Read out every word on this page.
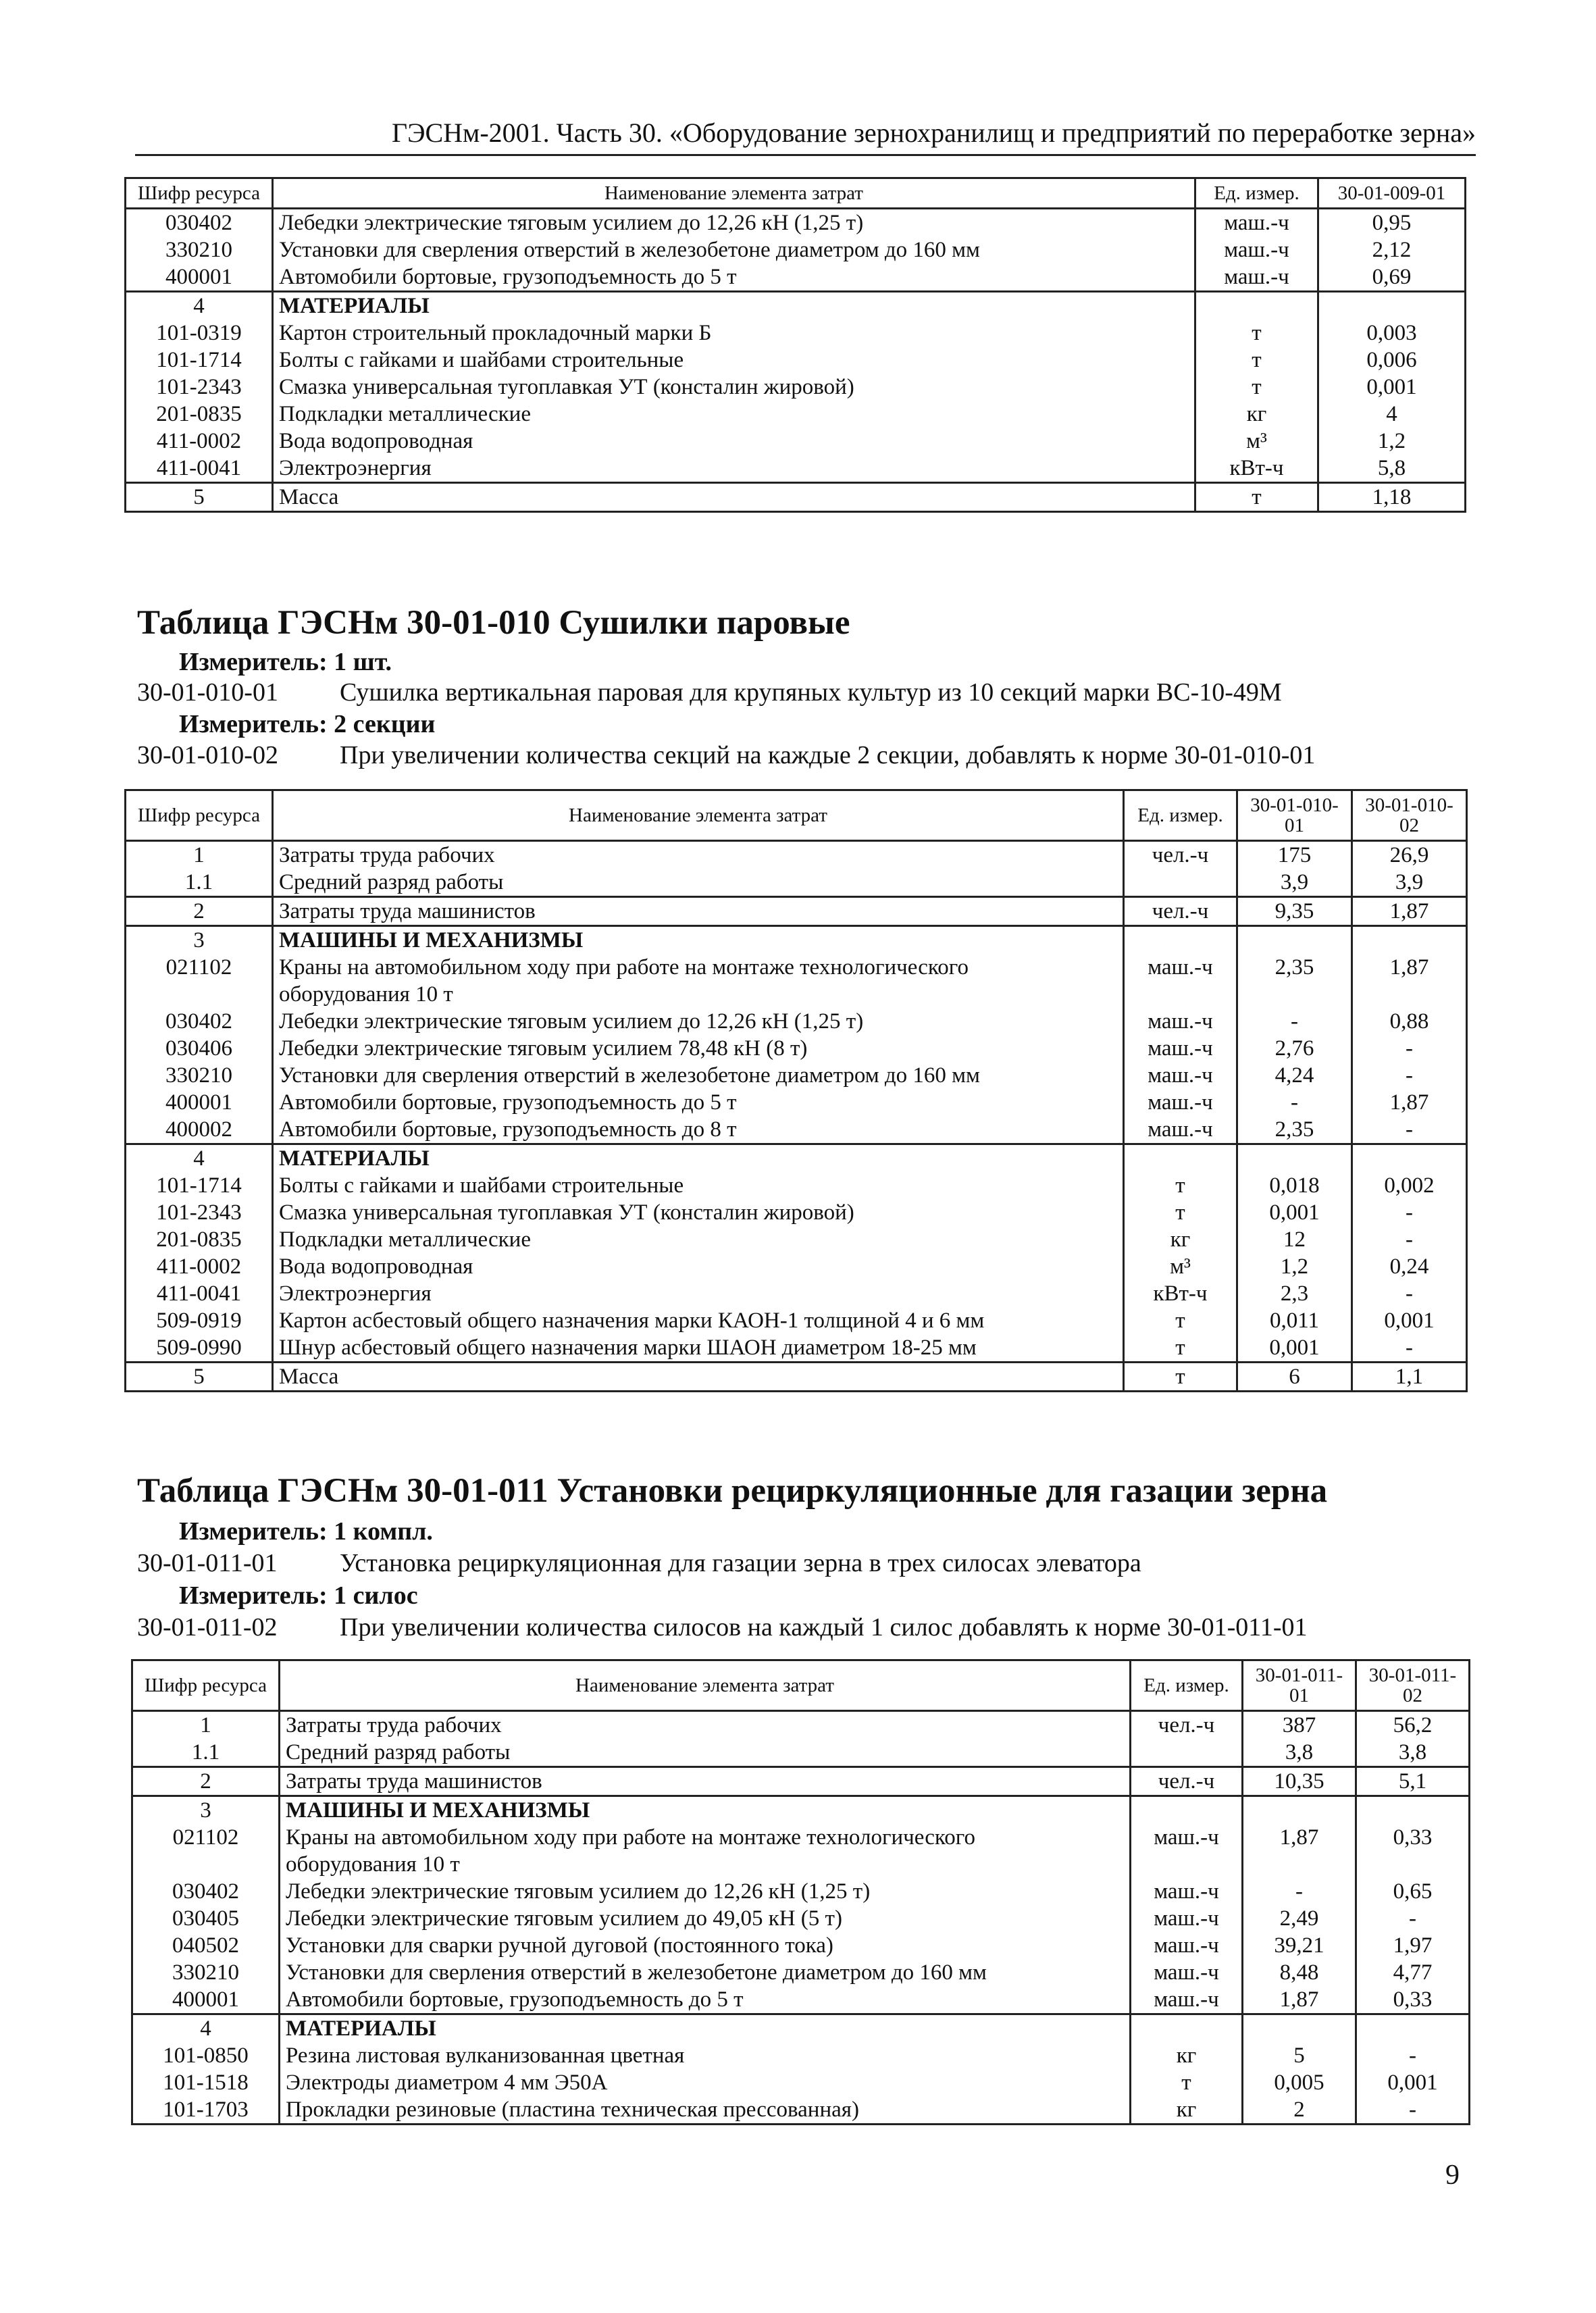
ГЭСНм-2001. Часть 30. «Оборудование зернохранилищ и предприятий по переработке зерна»
Шифр ресурса	Наименование элемента затрат	Ед. измер.	30-01-009-01
030402	Лебедки электрические тяговым усилием до 12,26 кН (1,25 т)	маш.-ч	0,95
330210	Установки для сверления отверстий в железобетоне диаметром до 160 мм	маш.-ч	2,12
400001	Автомобили бортовые, грузоподъемность до 5 т	маш.-ч	0,69
4	МАТЕРИАЛЫ		
101-0319	Картон строительный прокладочный марки Б	т	0,003
101-1714	Болты с гайками и шайбами строительные	т	0,006
101-2343	Смазка универсальная тугоплавкая УТ (консталин жировой)	т	0,001
201-0835	Подкладки металлические	кг	4
411-0002	Вода водопроводная	м³	1,2
411-0041	Электроэнергия	кВт-ч	5,8
5	Масса	т	1,18
Таблица ГЭСНм 30-01-010 Сушилки паровые
Измеритель: 1 шт.
30-01-010-01 Сушилка вертикальная паровая для крупяных культур из 10 секций марки ВС-10-49М
Измеритель: 2 секции
30-01-010-02 При увеличении количества секций на каждые 2 секции, добавлять к норме 30-01-010-01
Шифр ресурса	Наименование элемента затрат	Ед. измер.	30-01-010-01	30-01-010-02
1	Затраты труда рабочих	чел.-ч	175	26,9
1.1	Средний разряд работы		3,9	3,9
2	Затраты труда машинистов	чел.-ч	9,35	1,87
3	МАШИНЫ И МЕХАНИЗМЫ			
021102	Краны на автомобильном ходу при работе на монтаже технологического	маш.-ч	2,35	1,87
	оборудования 10 т			
030402	Лебедки электрические тяговым усилием до 12,26 кН (1,25 т)	маш.-ч	-	0,88
030406	Лебедки электрические тяговым усилием 78,48 кН (8 т)	маш.-ч	2,76	-
330210	Установки для сверления отверстий в железобетоне диаметром до 160 мм	маш.-ч	4,24	-
400001	Автомобили бортовые, грузоподъемность до 5 т	маш.-ч	-	1,87
400002	Автомобили бортовые, грузоподъемность до 8 т	маш.-ч	2,35	-
4	МАТЕРИАЛЫ			
101-1714	Болты с гайками и шайбами строительные	т	0,018	0,002
101-2343	Смазка универсальная тугоплавкая УТ (консталин жировой)	т	0,001	-
201-0835	Подкладки металлические	кг	12	-
411-0002	Вода водопроводная	м³	1,2	0,24
411-0041	Электроэнергия	кВт-ч	2,3	-
509-0919	Картон асбестовый общего назначения марки КАОН-1 толщиной 4 и 6 мм	т	0,011	0,001
509-0990	Шнур асбестовый общего назначения марки ШАОН диаметром 18-25 мм	т	0,001	-
5	Масса	т	6	1,1
Таблица ГЭСНм 30-01-011 Установки рециркуляционные для газации зерна
Измеритель: 1 компл.
30-01-011-01 Установка рециркуляционная для газации зерна в трех силосах элеватора
Измеритель: 1 силос
30-01-011-02 При увеличении количества силосов на каждый 1 силос добавлять к норме 30-01-011-01
Шифр ресурса	Наименование элемента затрат	Ед. измер.	30-01-011-01	30-01-011-02
1	Затраты труда рабочих	чел.-ч	387	56,2
1.1	Средний разряд работы		3,8	3,8
2	Затраты труда машинистов	чел.-ч	10,35	5,1
3	МАШИНЫ И МЕХАНИЗМЫ			
021102	Краны на автомобильном ходу при работе на монтаже технологического	маш.-ч	1,87	0,33
	оборудования 10 т			
030402	Лебедки электрические тяговым усилием до 12,26 кН (1,25 т)	маш.-ч	-	0,65
030405	Лебедки электрические тяговым усилием до 49,05 кН (5 т)	маш.-ч	2,49	-
040502	Установки для сварки ручной дуговой (постоянного тока)	маш.-ч	39,21	1,97
330210	Установки для сверления отверстий в железобетоне диаметром до 160 мм	маш.-ч	8,48	4,77
400001	Автомобили бортовые, грузоподъемность до 5 т	маш.-ч	1,87	0,33
4	МАТЕРИАЛЫ			
101-0850	Резина листовая вулканизованная цветная	кг	5	-
101-1518	Электроды диаметром 4 мм Э50А	т	0,005	0,001
101-1703	Прокладки резиновые (пластина техническая прессованная)	кг	2	-
9
